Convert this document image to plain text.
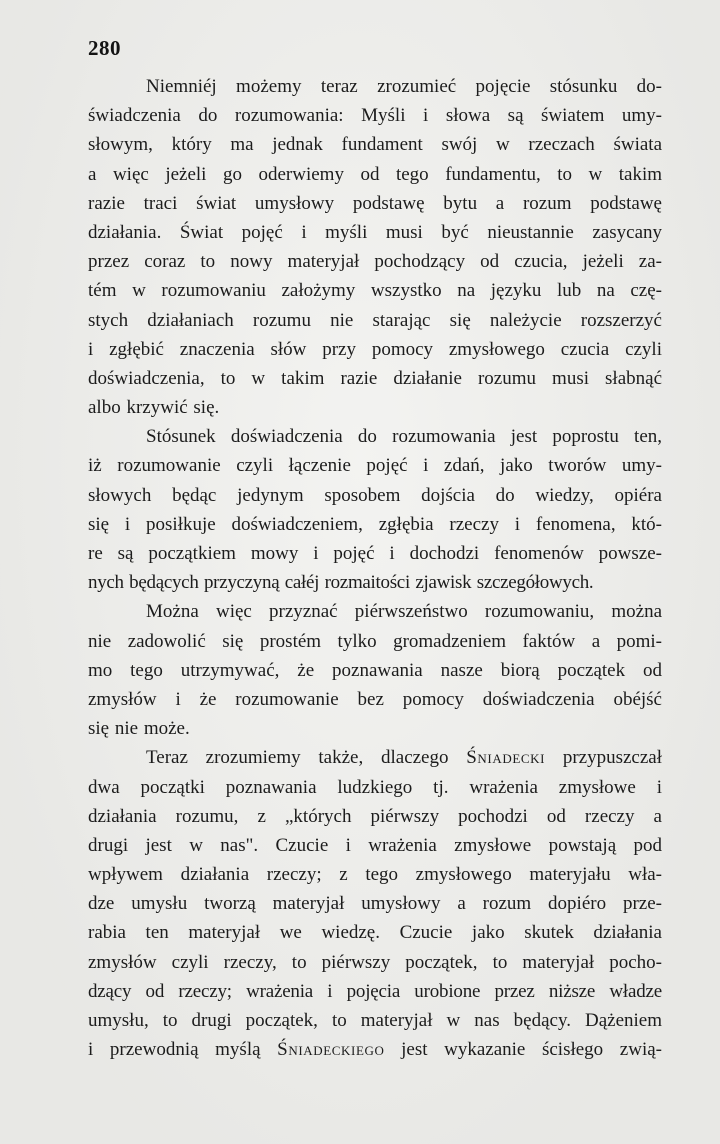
280
Niemniéj możemy teraz zrozumieć pojęcie stósunku do-
świadczenia do rozumowania: Myśli i słowa są światem umy-
słowym, który ma jednak fundament swój w rzeczach świata
a więc jeżeli go oderwiemy od tego fundamentu, to w takim
razie traci świat umysłowy podstawę bytu a rozum podstawę
działania. Świat pojęć i myśli musi być nieustannie zasycany
przez coraz to nowy materyjał pochodzący od czucia, jeżeli za-
tém w rozumowaniu założymy wszystko na języku lub na czę-
stych działaniach rozumu nie starając się należycie rozszerzyć
i zgłębić znaczenia słów przy pomocy zmysłowego czucia czyli
doświadczenia, to w takim razie działanie rozumu musi słabnąć
albo krzywić się.
Stósunek doświadczenia do rozumowania jest poprostu ten,
iż rozumowanie czyli łączenie pojęć i zdań, jako tworów umy-
słowych będąc jedynym sposobem dojścia do wiedzy, opiéra
się i posiłkuje doświadczeniem, zgłębia rzeczy i fenomena, któ-
re są początkiem mowy i pojęć i dochodzi fenomenów powsze-
nych będących przyczyną całéj rozmaitości zjawisk szczegółowych.
Można więc przyznać piérwszeństwo rozumowaniu, można
nie zadowolić się prostém tylko gromadzeniem faktów a pomi-
mo tego utrzymywać, że poznawania nasze biorą początek od
zmysłów i że rozumowanie bez pomocy doświadczenia obéjść
się nie może.
Teraz zrozumiemy także, dlaczego Śniadecki przypuszczał
dwa początki poznawania ludzkiego tj. wrażenia zmysłowe i
działania rozumu, z „których piérwszy pochodzi od rzeczy a
drugi jest w nas". Czucie i wrażenia zmysłowe powstają pod
wpływem działania rzeczy; z tego zmysłowego materyjału wła-
dze umysłu tworzą materyjał umysłowy a rozum dopiéro prze-
rabia ten materyjał we wiedzę. Czucie jako skutek działania
zmysłów czyli rzeczy, to piérwszy początek, to materyjał pocho-
dzący od rzeczy; wrażenia i pojęcia urobione przez niższe władze
umysłu, to drugi początek, to materyjał w nas będący. Dążeniem
i przewodnią myślą Śniadeckiego jest wykazanie ścisłego zwią-
